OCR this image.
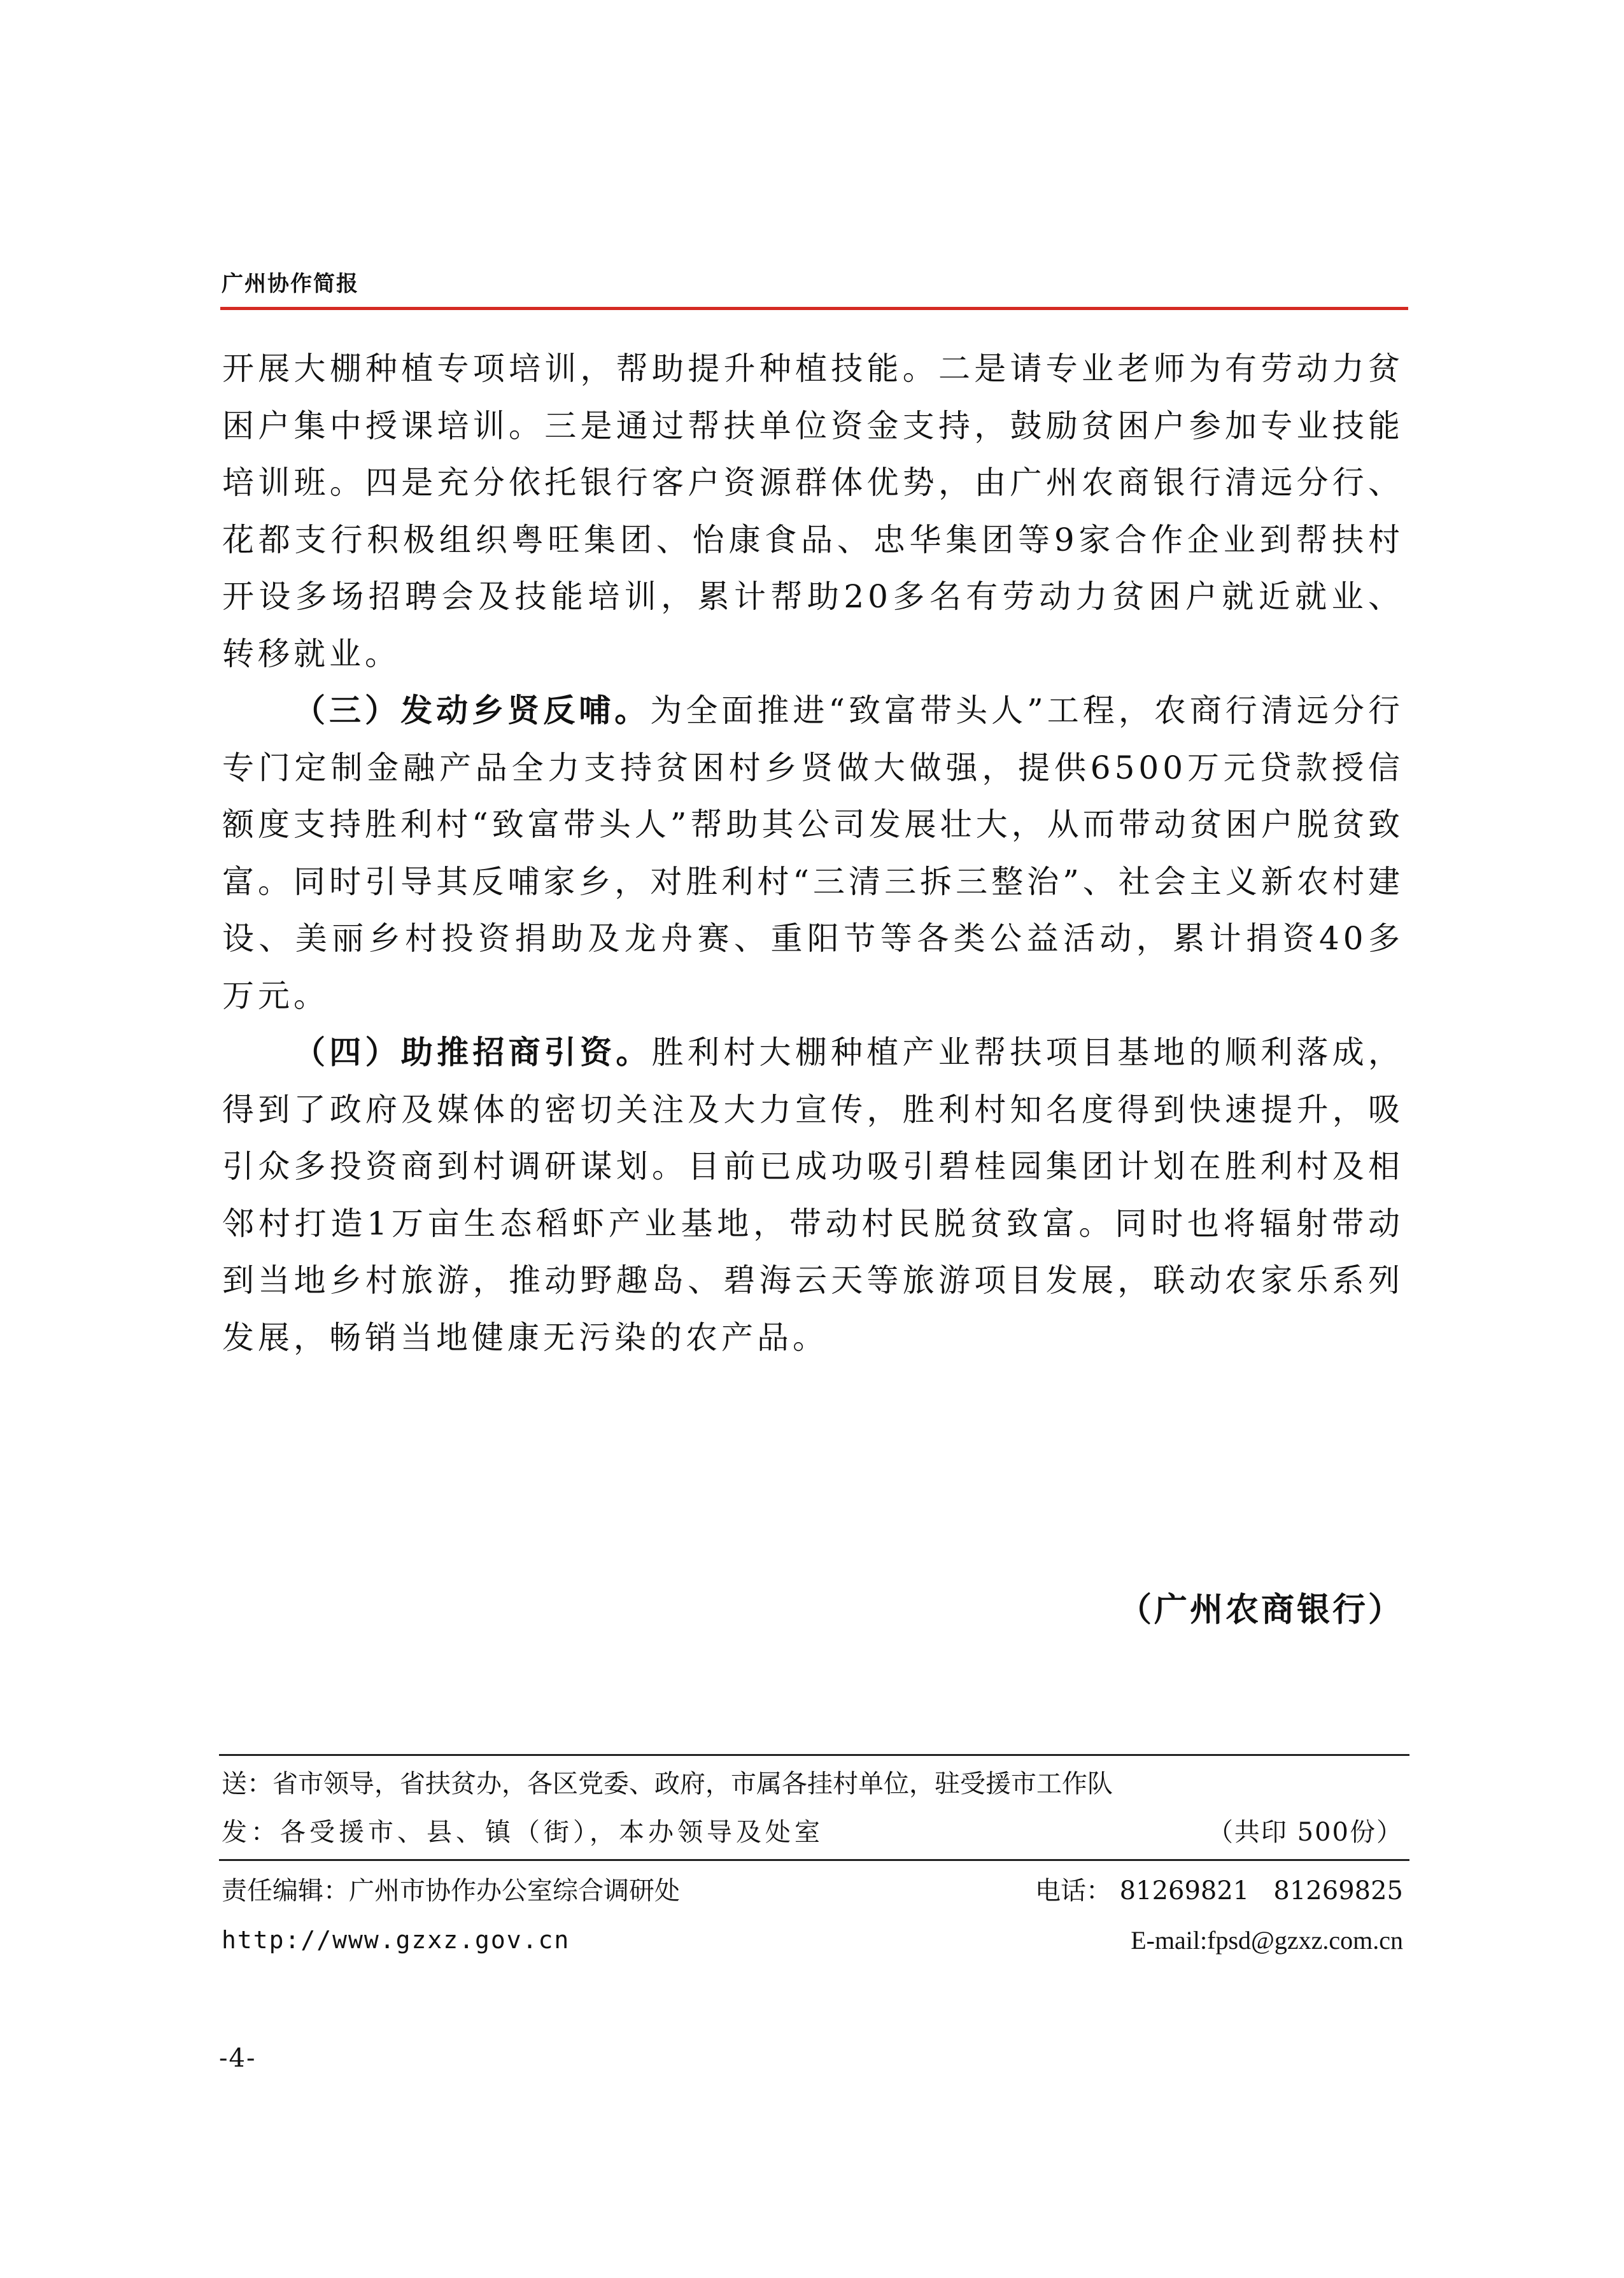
广州协作简报

开展大棚种植专项培训，帮助提升种植技能。二是请专业老师为有劳动力贫困户集中授课培训。三是通过帮扶单位资金支持，鼓励贫困户参加专业技能培训班。四是充分依托银行客户资源群体优势，由广州农商银行清远分行、花都支行积极组织粤旺集团、怡康食品、忠华集团等9家合作企业到帮扶村开设多场招聘会及技能培训，累计帮助20多名有劳动力贫困户就近就业、转移就业。

（三）发动乡贤反哺。为全面推进“致富带头人”工程，农商行清远分行专门定制金融产品全力支持贫困村乡贤做大做强，提供6500万元贷款授信额度支持胜利村“致富带头人”帮助其公司发展壮大，从而带动贫困户脱贫致富。同时引导其反哺家乡，对胜利村“三清三拆三整治”、社会主义新农村建设、美丽乡村投资捐助及龙舟赛、重阳节等各类公益活动，累计捐资40多万元。

（四）助推招商引资。胜利村大棚种植产业帮扶项目基地的顺利落成，得到了政府及媒体的密切关注及大力宣传，胜利村知名度得到快速提升，吸引众多投资商到村调研谋划。目前已成功吸引碧桂园集团计划在胜利村及相邻村打造1万亩生态稻虾产业基地，带动村民脱贫致富。同时也将辐射带动到当地乡村旅游，推动野趣岛、碧海云天等旅游项目发展，联动农家乐系列发展，畅销当地健康无污染的农产品。

（广州农商银行）
送：省市领导，省扶贫办，各区党委、政府，市属各挂村单位，驻受援市工作队
发：各受援市、县、镇（街），本办领导及处室	（共印 500份）
责任编辑：广州市协作办公室综合调研处	电话： 81269821   81269825
http://www.gzxz.gov.cn	E-mail:fpsd@gzxz.com.cn
-4-
